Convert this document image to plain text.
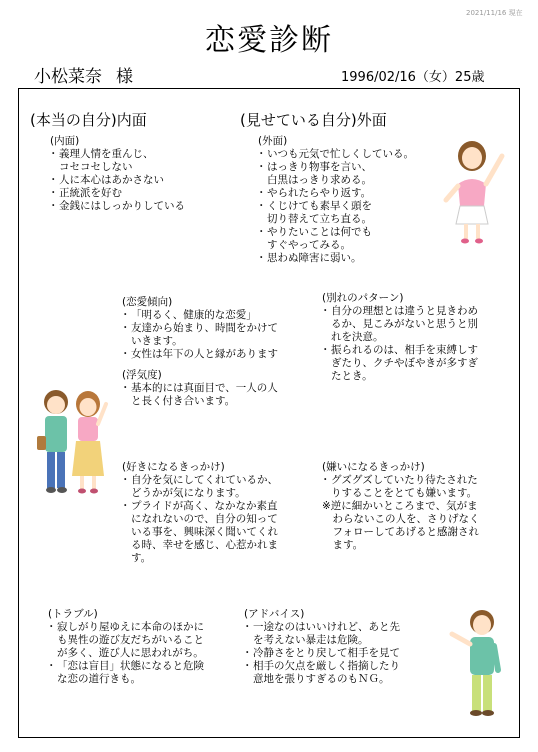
2021/11/16 現在
恋愛診断
小松菜奈 様	1996/02/16（女）25歳
(本当の自分)内面	(見せている自分)外面
(内面)
・ 義理人情を重んじ、
コセコセしない
・ 人に本心はあかさない
・ 正統派を好む
・ 金銭にはしっかりしている
(外面)
・ いつも元気で忙しくしている。
・ はっきり物事を言い、
白黒はっきり求める。
・ やられたらやり返す。
・ くじけても素早く頭を
切り替えて立ち直る。
・ やりたいことは何でも
すぐやってみる。
・ 思わぬ障害に弱い。
(恋愛傾向)
・ 「明るく、健康的な恋愛」
・ 友達から始まり、時間をかけて
いきます。
・ 女性は年下の人と縁があります
(浮気度)
・ 基本的には真面目で、一人の人
と長く付き合います。
(別れのパターン)
・ 自分の理想とは違うと見きわめ
るか、見こみがないと思うと別
れを決意。
・ 振られるのは、相手を束縛しす
ぎたり、クチやぼやきが多すぎ
たとき。
(好きになるきっかけ)
・ 自分を気にしてくれているか、
どうかが気になります。
・ プライドが高く、なかなか素直
になれないので、自分の知って
いる事を、興味深く聞いてくれ
る時、幸せを感じ、心惹かれま
す。
(嫌いになるきっかけ)
・ グズグズしていたり待たされた
りすることをとても嫌います。

※逆に細かいところまで、気がま
　わらないこの人を、さりげなく
　フォローしてあげると感謝され
　ます。

(トラブル)
・ 寂しがり屋ゆえに本命のほかに
も異性の遊び友だちがいること
が多く、遊び人に思われがち。
・ 「恋は盲目」状態になると危険
な恋の道行きも。
(アドバイス)
・ 一途なのはいいけれど、あと先
を考えない暴走は危険。
・ 冷静さをとり戻して相手を見て
・ 相手の欠点を厳しく指摘したり
意地を張りすぎるのもＮＧ。
